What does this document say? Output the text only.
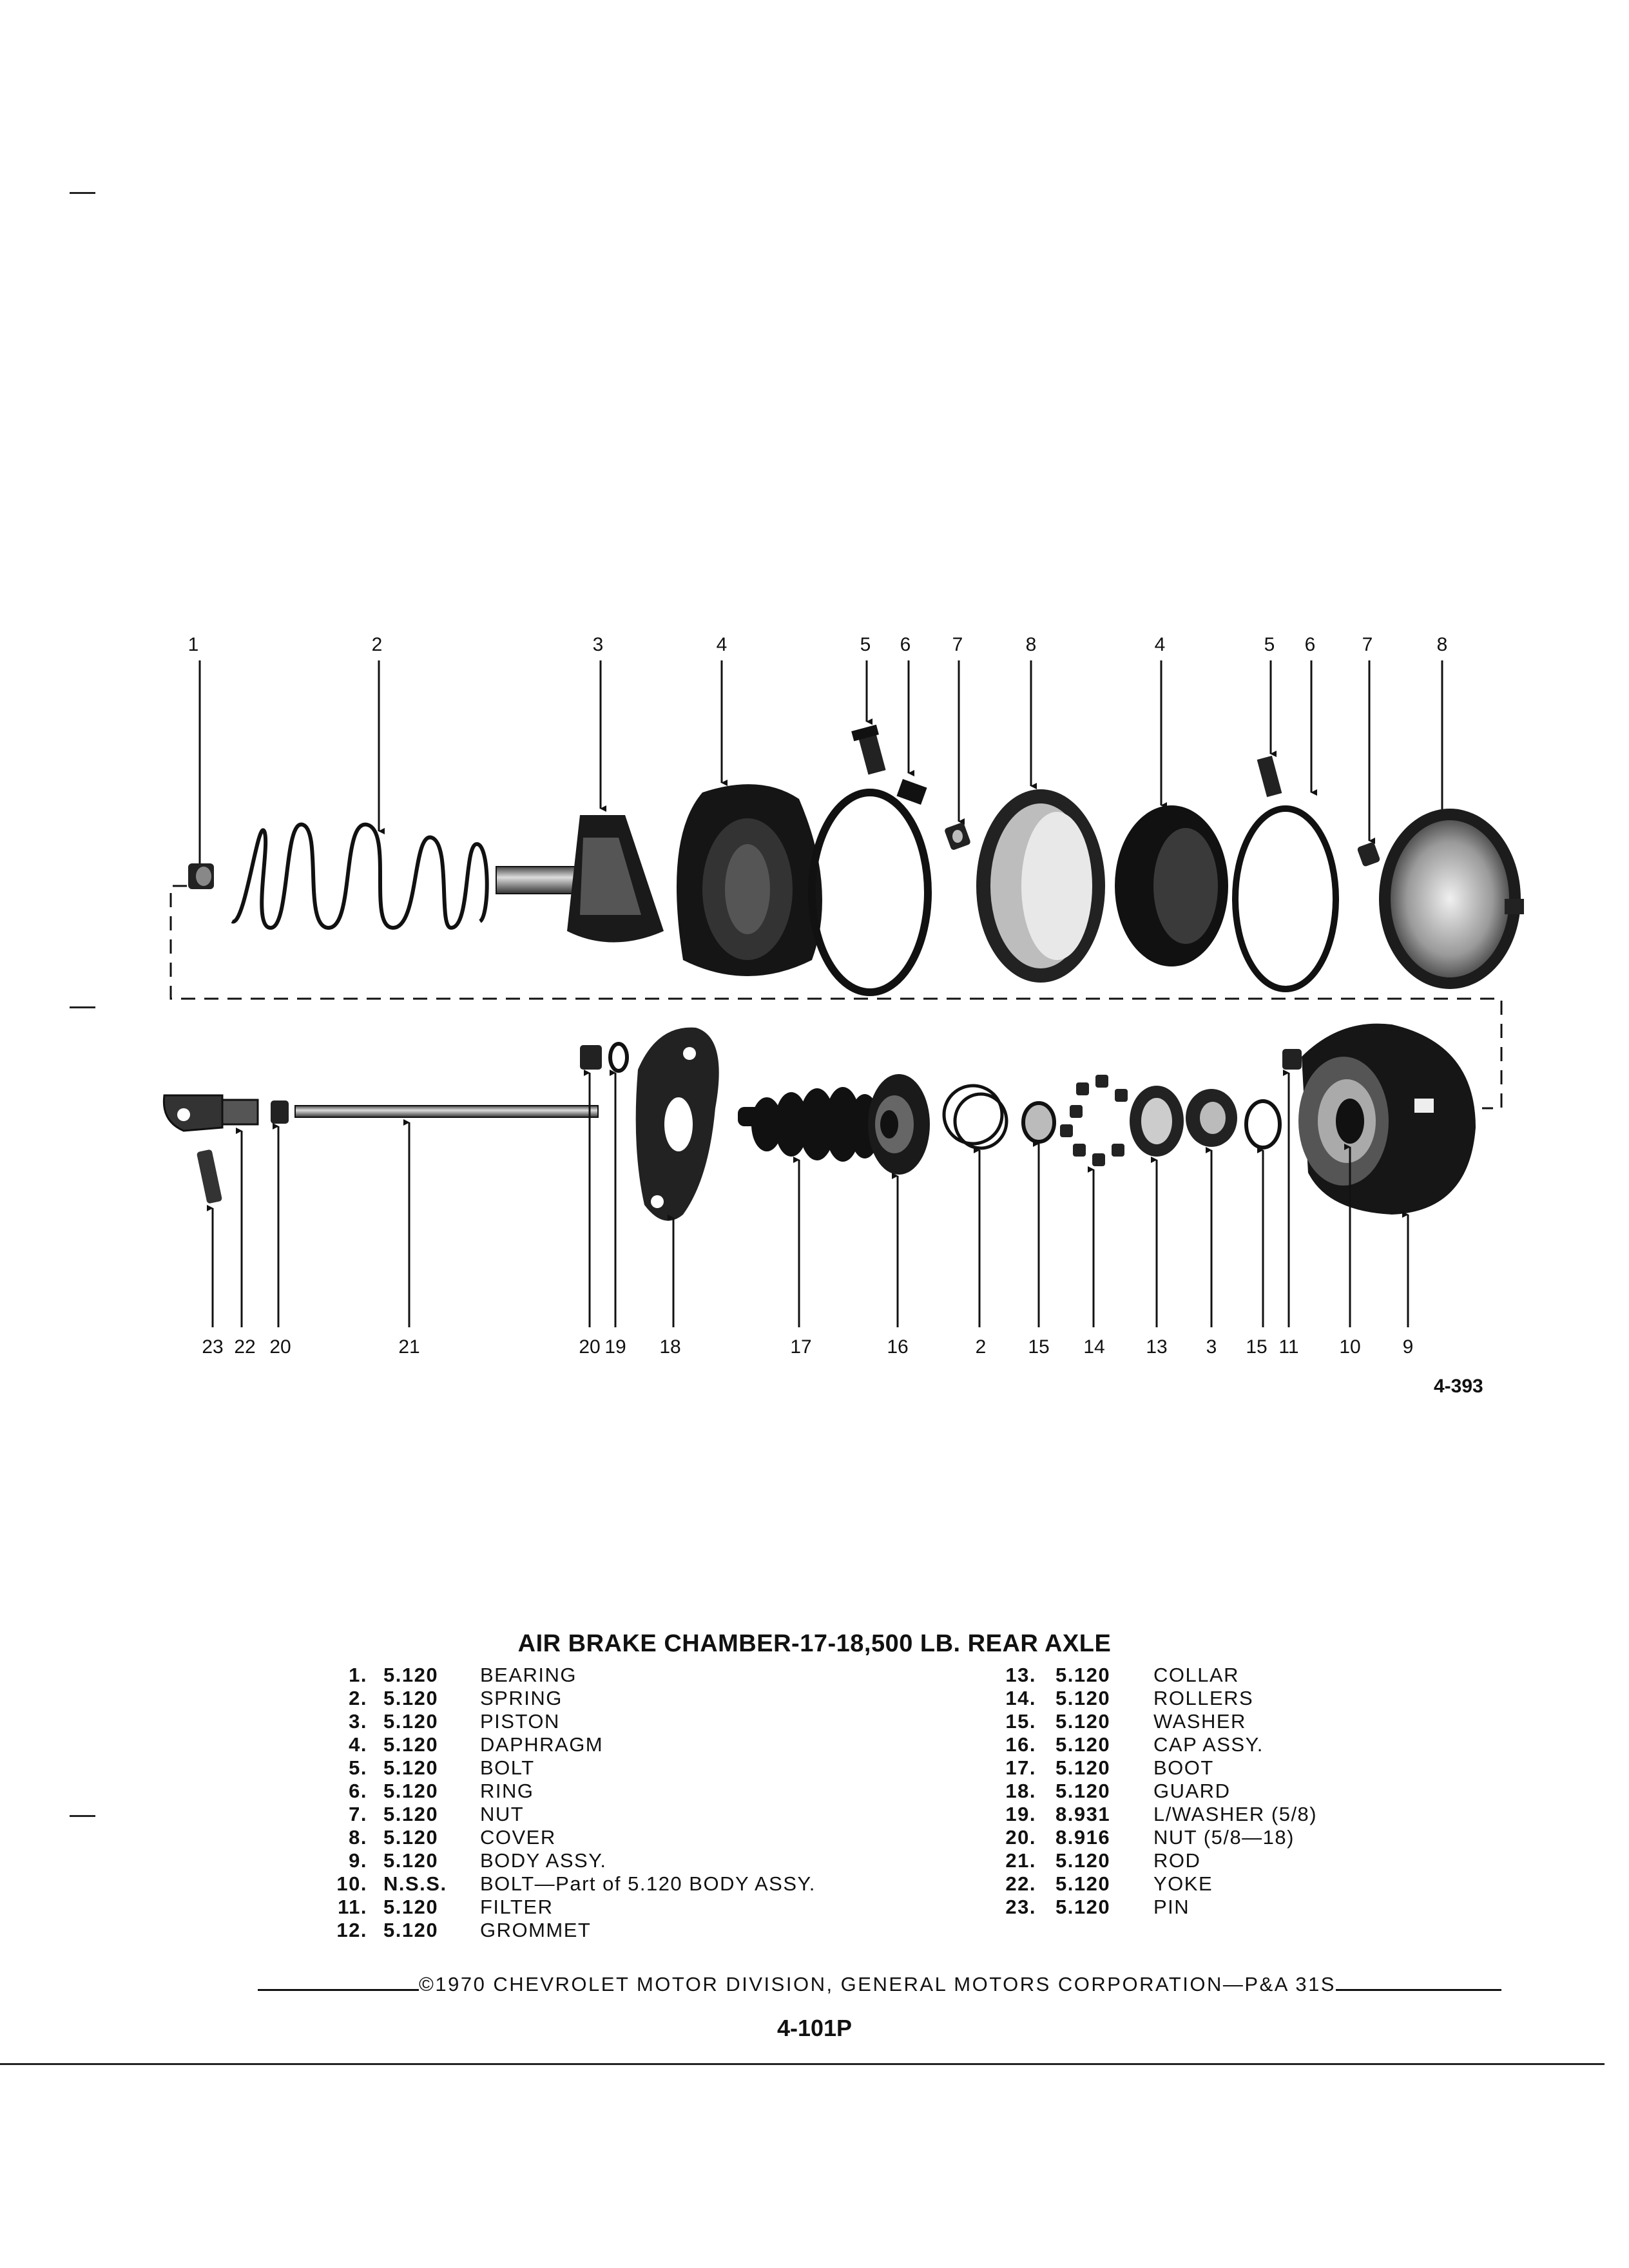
1	2	3	4	5 6 7	8	4	5 6 7	8
23 22 20	21	20 19 18	17	16	2 15 14 13 3 15 11 10 9
4-393
AIR BRAKE CHAMBER-17-18,500 LB. REAR AXLE
1. 5.120 BEARING
2. 5.120 SPRING
3. 5.120 PISTON
4. 5.120 DAPHRAGM
5. 5.120 BOLT
6. 5.120 RING
7. 5.120 NUT
8. 5.120 COVER
9. 5.120 BODY ASSY.
10. N.S.S. BOLT—Part of 5.120 BODY ASSY.
11. 5.120 FILTER
12. 5.120 GROMMET
13. 5.120 COLLAR
14. 5.120 ROLLERS
15. 5.120 WASHER
16. 5.120 CAP ASSY.
17. 5.120 BOOT
18. 5.120 GUARD
19. 8.931 L/WASHER (5/8)
20. 8.916 NUT (5/8—18)
21. 5.120 ROD
22. 5.120 YOKE
23. 5.120 PIN
©1970 CHEVROLET MOTOR DIVISION, GENERAL MOTORS CORPORATION—P&A 31S
4-101P
